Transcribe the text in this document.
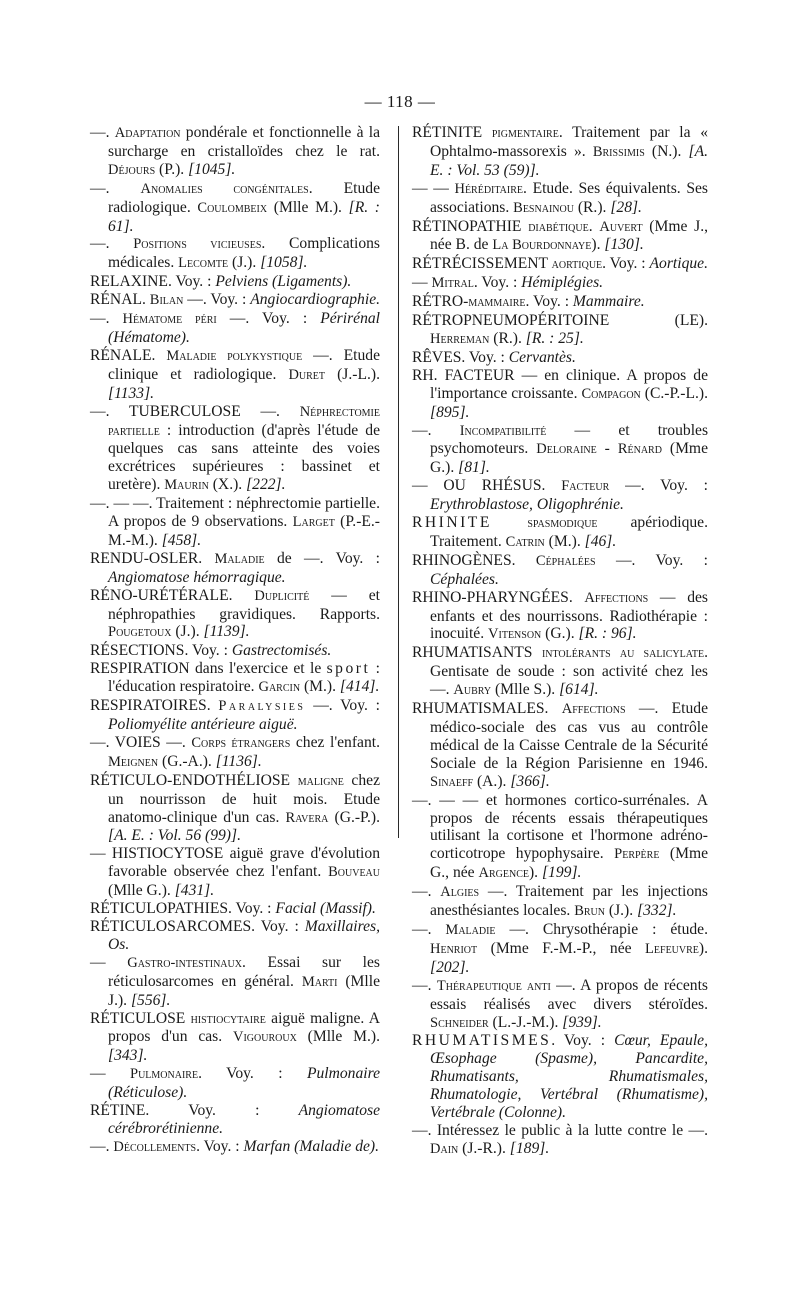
— 118 —

—. Adaptation pondérale et fonctionnelle à la surcharge en cristalloïdes chez le rat. Déjours (P.). [1045].

—. Anomalies congénitales. Etude radiologique. Coulombeix (Mlle M.). [R. : 61].

—. Positions vicieuses. Complications médicales. Lecomte (J.). [1058].

RELAXINE. Voy. : Pelviens (Ligaments).

RÉNAL. Bilan —. Voy. : Angiocardiographie.

—. Hématome péri —. Voy. : Périrénal (Hématome).

RÉNALE. Maladie polykystique —. Etude clinique et radiologique. Duret (J.-L.). [1133].

—. TUBERCULOSE —. Néphrectomie partielle : introduction (d'après l'étude de quelques cas sans atteinte des voies excrétrices supérieures : bassinet et uretère). Maurin (X.). [222].

—. — —. Traitement : néphrectomie partielle. A propos de 9 observations. Larget (P.-E.-M.-M.). [458].

RENDU-OSLER. Maladie de —. Voy. : Angiomatose hémorragique.

RÉNO-URÉTÉRALE. Duplicité — et néphropathies gravidiques. Rapports. Pougetoux (J.). [1139].

RÉSECTIONS. Voy. : Gastrectomisés.

RESPIRATION dans l'exercice et le sport : l'éducation respiratoire. Garcin (M.). [414].

RESPIRATOIRES. Paralysies —. Voy. : Poliomyélite antérieure aiguë.

—. VOIES —. Corps étrangers chez l'enfant. Meignen (G.-A.). [1136].

RÉTICULO-ENDOTHÉLIOSE maligne chez un nourrisson de huit mois. Etude anatomo-clinique d'un cas. Ravera (G.-P.). [A. E. : Vol. 56 (99)].

— HISTIOCYTOSE aiguë grave d'évolution favorable observée chez l'enfant. Bouveau (Mlle G.). [431].

RÉTICULOPATHIES. Voy. : Facial (Massif).

RÉTICULOSARCOMES. Voy. : Maxillaires, Os.

— Gastro-intestinaux. Essai sur les réticulosarcomes en général. Marti (Mlle J.). [556].

RÉTICULOSE histiocytaire aiguë maligne. A propos d'un cas. Vigouroux (Mlle M.). [343].

— Pulmonaire. Voy. : Pulmonaire (Réticulose).

RÉTINE. Voy. : Angiomatose cérébrorétinienne.

—. Décollements. Voy. : Marfan (Maladie de).

RÉTINITE pigmentaire. Traitement par la « Ophtalmo-massorexis ». Brissimis (N.). [A. E. : Vol. 53 (59)].

— — Héréditaire. Etude. Ses équivalents. Ses associations. Besnainou (R.). [28].

RÉTINOPATHIE diabétique. Auvert (Mme J., née B. de La Bourdonnaye). [130].

RÉTRÉCISSEMENT aortique. Voy. : Aortique.

— Mitral. Voy. : Hémiplégies.

RÉTRO-mammaire. Voy. : Mammaire.

RÉTROPNEUMOPÉRITOINE (LE). Herreman (R.). [R. : 25].

RÊVES. Voy. : Cervantès.

RH. FACTEUR — en clinique. A propos de l'importance croissante. Compagon (C.-P.-L.). [895].

—. Incompatibilité — et troubles psychomoteurs. Deloraine - Rénard (Mme G.). [81].

— OU RHÉSUS. Facteur —. Voy. : Erythroblastose, Oligophrénie.

RHINITE spasmodique apériodique. Traitement. Catrin (M.). [46].

RHINOGÈNES. Céphalées —. Voy. : Céphalées.

RHINO-PHARYNGÉES. Affections — des enfants et des nourrissons. Radiothérapie : inocuité. Vitenson (G.). [R. : 96].

RHUMATISANTS intolérants au salicylate. Gentisate de soude : son activité chez les —. Aubry (Mlle S.). [614].

RHUMATISMALES. Affections —. Etude médico-sociale des cas vus au contrôle médical de la Caisse Centrale de la Sécurité Sociale de la Région Parisienne en 1946. Sinaeff (A.). [366].

—. — — et hormones cortico-surrénales. A propos de récents essais thérapeutiques utilisant la cortisone et l'hormone adréno-corticotrope hypophysaire. Perpère (Mme G., née Argence). [199].

—. Algies —. Traitement par les injections anesthésiantes locales. Brun (J.). [332].

—. Maladie —. Chrysothérapie : étude. Henriot (Mme F.-M.-P., née Lefeuvre). [202].

—. Thérapeutique anti —. A propos de récents essais réalisés avec divers stéroïdes. Schneider (L.-J.-M.). [939].

RHUMATISMES. Voy. : Cœur, Epaule, Œsophage (Spasme), Pancardite, Rhumatisants, Rhumatismales, Rhumatologie, Vertébral (Rhumatisme), Vertébrale (Colonne).

—. Intéressez le public à la lutte contre le —. Dain (J.-R.). [189].
